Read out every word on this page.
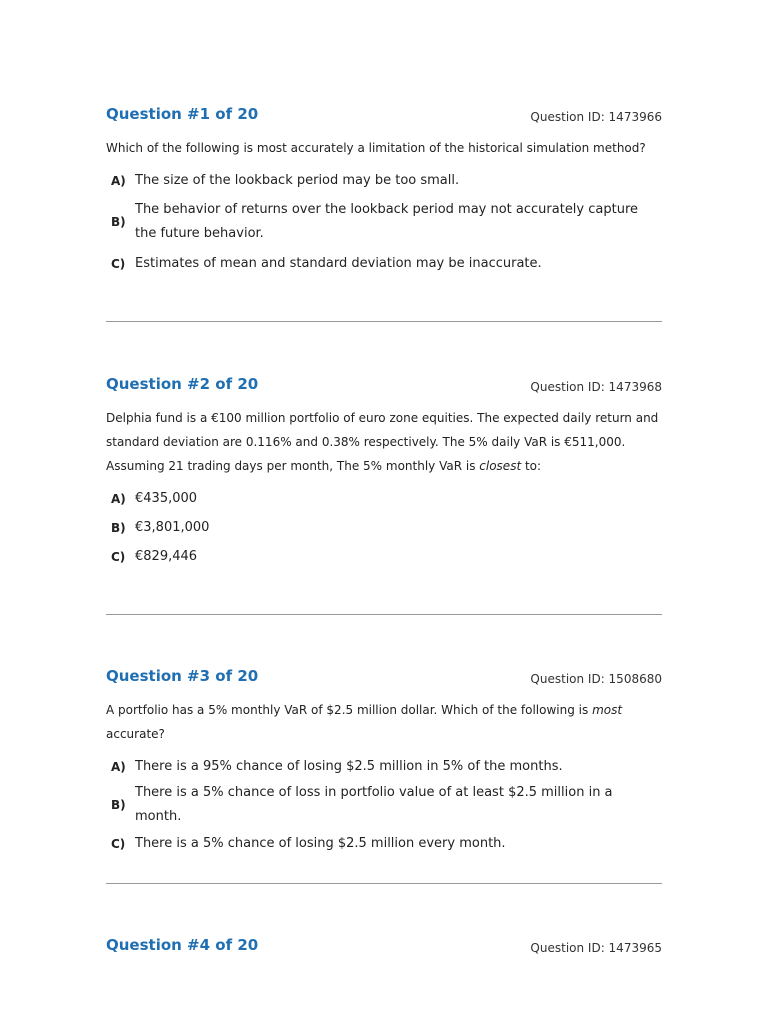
Question #1 of 20	Question ID: 1473966
Which of the following is most accurately a limitation of the historical simulation method?
A) The size of the lookback period may be too small.
B)
The behavior of returns over the lookback period may not accurately capture the future behavior.
C) Estimates of mean and standard deviation may be inaccurate.
Question #2 of 20	Question ID: 1473968
Delphia fund is a €100 million portfolio of euro zone equities. The expected daily return and standard deviation are 0.116% and 0.38% respectively. The 5% daily VaR is €511,000. Assuming 21 trading days per month, The 5% monthly VaR is closest to:
A) €435,000
B) €3,801,000
C) €829,446
Question #3 of 20	Question ID: 1508680
A portfolio has a 5% monthly VaR of $2.5 million dollar. Which of the following is most accurate?
A) There is a 95% chance of losing $2.5 million in 5% of the months.
B)
There is a 5% chance of loss in portfolio value of at least $2.5 million in a month.
C) There is a 5% chance of losing $2.5 million every month.
Question #4 of 20	Question ID: 1473965
